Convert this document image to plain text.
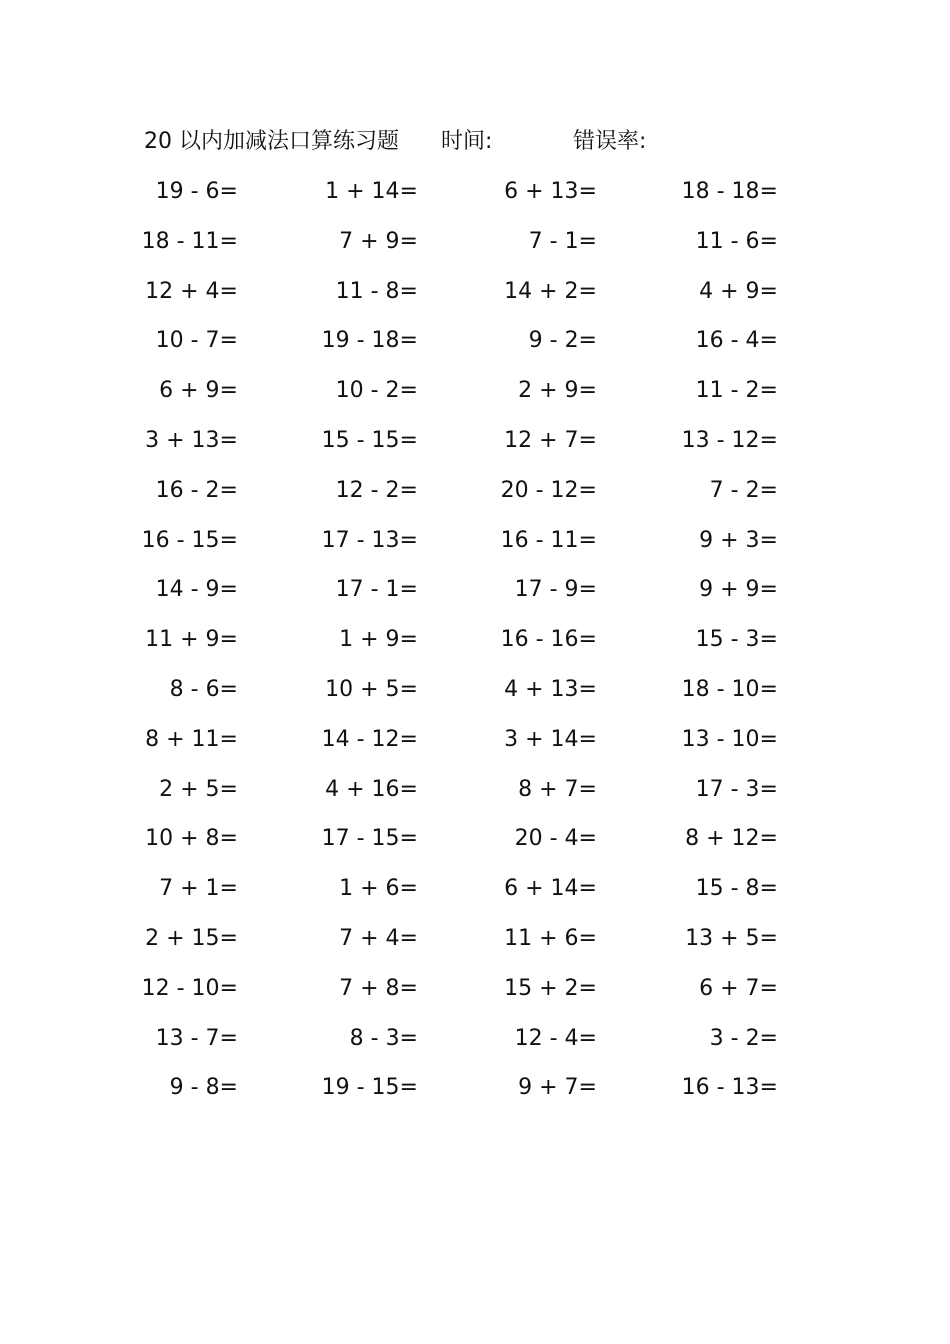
20 以内加减法口算练习题 时间:	错误率:
19 - 6=	1 + 14=	6 + 13=	18 - 18=
18 - 11=	7 + 9=	7 - 1=	11 - 6=
12 + 4=	11 - 8=	14 + 2=	4 + 9=
10 - 7=	19 - 18=	9 - 2=	16 - 4=
6 + 9=	10 - 2=	2 + 9=	11 - 2=
3 + 13=	15 - 15=	12 + 7=	13 - 12=
16 - 2=	12 - 2=	20 - 12=	7 - 2=
16 - 15=	17 - 13=	16 - 11=	9 + 3=
14 - 9=	17 - 1=	17 - 9=	9 + 9=
11 + 9=	1 + 9=	16 - 16=	15 - 3=
8 - 6=	10 + 5=	4 + 13=	18 - 10=
8 + 11=	14 - 12=	3 + 14=	13 - 10=
2 + 5=	4 + 16=	8 + 7=	17 - 3=
10 + 8=	17 - 15=	20 - 4=	8 + 12=
7 + 1=	1 + 6=	6 + 14=	15 - 8=
2 + 15=	7 + 4=	11 + 6=	13 + 5=
12 - 10=	7 + 8=	15 + 2=	6 + 7=
13 - 7=	8 - 3=	12 - 4=	3 - 2=
9 - 8=	19 - 15=	9 + 7=	16 - 13=
